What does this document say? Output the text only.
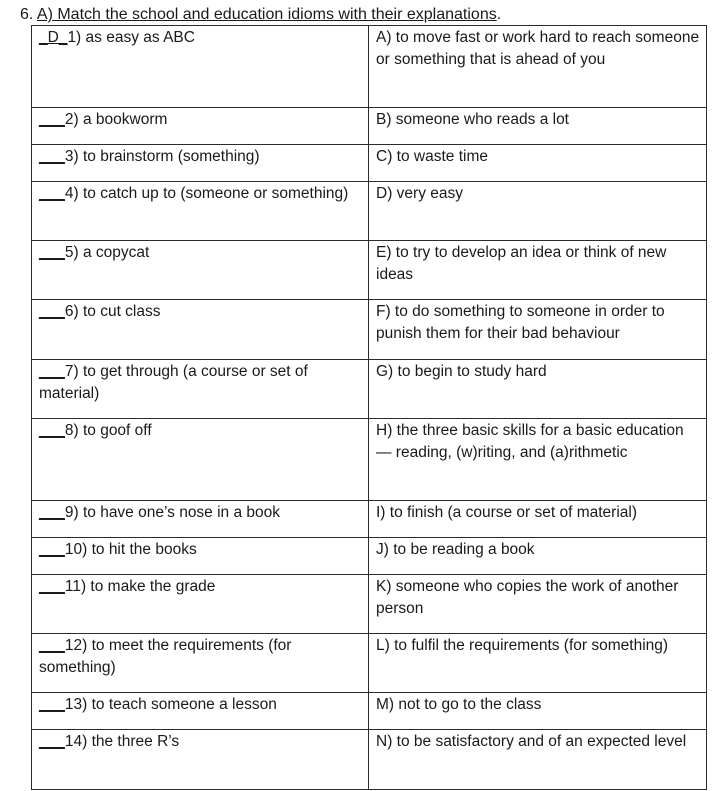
6. A) Match the school and education idioms with their explanations.
_D_1) as easy as ABC	A) to move fast or work hard to reach someone or something that is ahead of you
___2) a bookworm	B) someone who reads a lot
___3) to brainstorm (something)	C) to waste time
___4) to catch up to (someone or something)	D) very easy
___5) a copycat	E) to try to develop an idea or think of new ideas
___6) to cut class	F) to do something to someone in order to punish them for their bad behaviour
___7) to get through (a course or set of material)	G) to begin to study hard
___8) to goof off	H) the three basic skills for a basic education — reading, (w)riting, and (a)rithmetic
___9) to have one’s nose in a book	I) to finish (a course or set of material)
___10) to hit the books	J) to be reading a book
___11) to make the grade	K) someone who copies the work of another person
___12) to meet the requirements (for something)	L) to fulfil the requirements (for something)
___13) to teach someone a lesson	M) not to go to the class
___14) the three R’s	N) to be satisfactory and of an expected level
